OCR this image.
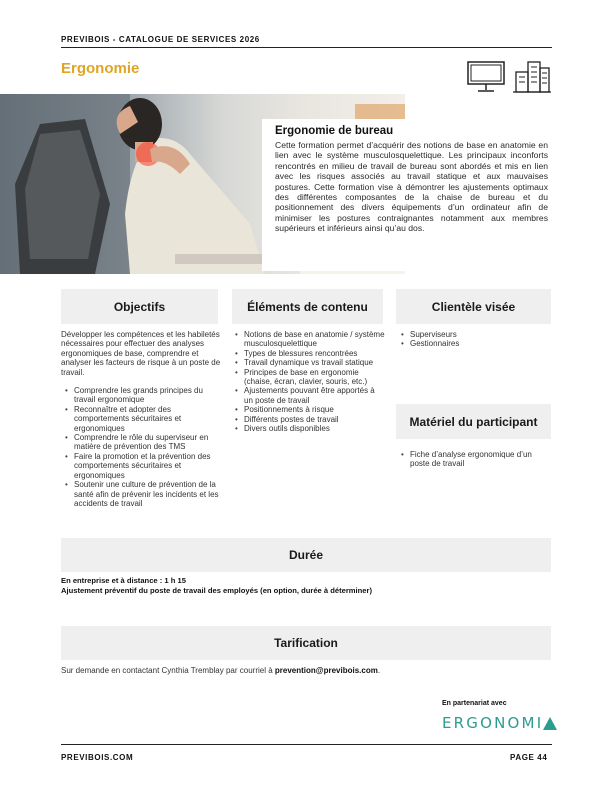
PREVIBOIS - CATALOGUE DE SERVICES 2026
Ergonomie
Ergonomie de bureau
Cette formation permet d’acquérir des notions de base en anatomie en lien avec le système musculosquelettique. Les principaux inconforts rencontrés en milieu de travail de bureau sont abordés et mis en lien avec les risques associés au travail statique et aux mauvaises postures. Cette formation vise à démontrer les ajustements optimaux des différentes composantes de la chaise de bureau et du positionnement des divers équipements d’un ordinateur afin de minimiser les postures contraignantes notamment aux membres supérieurs et inférieurs ainsi qu’au dos.
Objectifs	Éléments de contenu	Clientèle visée

Développer les compétences et les habiletés nécessaires pour effectuer des analyses ergonomiques de base, comprendre et analyser les facteurs de risque à un poste de travail.

• Comprendre les grands principes du travail ergonomique
• Reconnaître et adopter des comportements sécuritaires et ergonomiques
• Comprendre le rôle du superviseur en matière de prévention des TMS
• Faire la promotion et la prévention des comportements sécuritaires et ergonomiques
• Soutenir une culture de prévention de la santé afin de prévenir les incidents et les accidents de travail
• Notions de base en anatomie / système musculosquelettique
• Types de blessures rencontrées
• Travail dynamique vs travail statique
• Principes de base en ergonomie (chaise, écran, clavier, souris, etc.)
• Ajustements pouvant être apportés à un poste de travail
• Positionnements à risque
• Différents postes de travail
• Divers outils disponibles
• Superviseurs
• Gestionnaires
Matériel du participant
• Fiche d’analyse ergonomique d’un poste de travail
Durée
En entreprise et à distance : 1 h 15
Ajustement préventif du poste de travail des employés (en option, durée à déterminer)
Tarification
Sur demande en contactant Cynthia Tremblay par courriel à prevention@previbois.com.
En partenariat avec
ERGONOMI
PREVIBOIS.COM	PAGE 44
